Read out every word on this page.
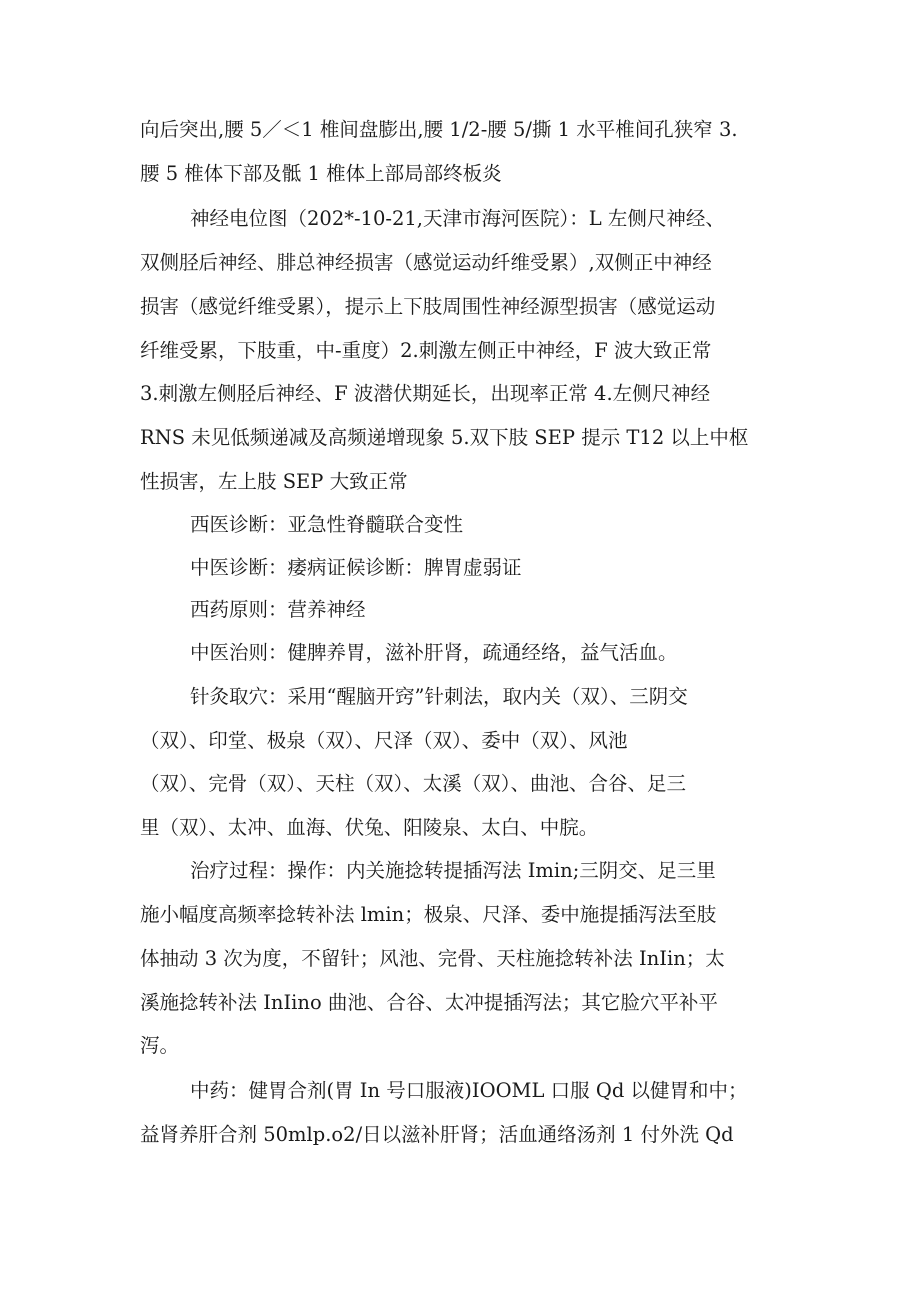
向后突出,腰 5／＜1 椎间盘膨出,腰 1/2-腰 5/撕 1 水平椎间孔狭窄 3.

腰 5 椎体下部及骶 1 椎体上部局部终板炎

神经电位图（202*-10-21,天津市海河医院）：L 左侧尺神经、

双侧胫后神经、腓总神经损害（感觉运动纤维受累）,双侧正中神经

损害（感觉纤维受累），提示上下肢周围性神经源型损害（感觉运动

纤维受累，下肢重，中-重度）2.刺激左侧正中神经，F 波大致正常

3.刺激左侧胫后神经、F 波潜伏期延长，出现率正常 4.左侧尺神经

RNS 未见低频递减及高频递增现象 5.双下肢 SEP 提示 T12 以上中枢

性损害，左上肢 SEP 大致正常

西医诊断：亚急性脊髓联合变性

中医诊断：痿病证候诊断：脾胃虚弱证

西药原则：营养神经

中医治则：健脾养胃，滋补肝肾，疏通经络，益气活血。

针灸取穴：采用“醒脑开窍”针刺法，取内关（双）、三阴交

（双）、印堂、极泉（双）、尺泽（双）、委中（双）、风池

（双）、完骨（双）、天柱（双）、太溪（双）、曲池、合谷、足三

里（双）、太冲、血海、伏兔、阳陵泉、太白、中脘。

治疗过程：操作：内关施捻转提插泻法 Imin;三阴交、足三里

施小幅度高频率捻转补法 lmin；极泉、尺泽、委中施提插泻法至肢

体抽动 3 次为度，不留针；风池、完骨、天柱施捻转补法 InIin；太

溪施捻转补法 InIino 曲池、合谷、太冲提插泻法；其它脸穴平补平

泻。

中药：健胃合剂(胃 In 号口服液)IOOML 口服 Qd 以健胃和中；

益肾养肝合剂 50mlp.o2/日以滋补肝肾；活血通络汤剂 1 付外洗 Qd
